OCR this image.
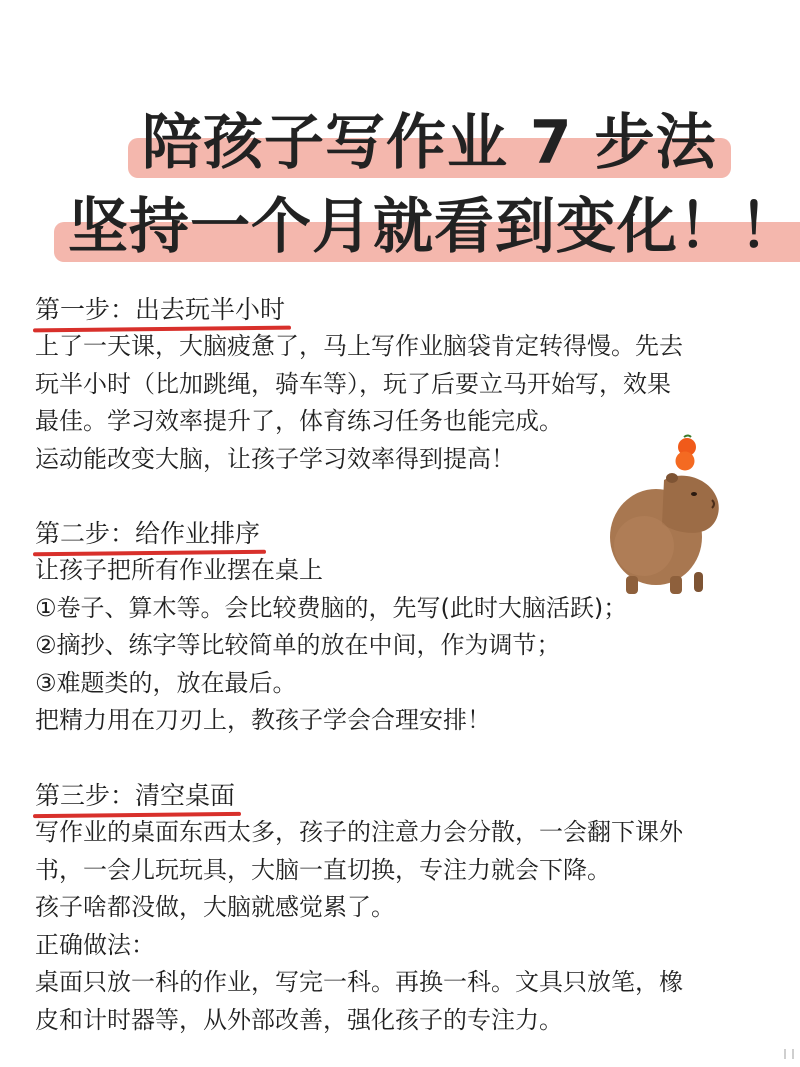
陪孩子写作业 7 步法
坚持一个月就看到变化！！
第一步：出去玩半小时

上了一天课，大脑疲惫了，马上写作业脑袋肯定转得慢。先去

玩半小时（比加跳绳，骑车等），玩了后要立马开始写，效果

最佳。学习效率提升了，体育练习任务也能完成。

运动能改变大脑，让孩子学习效率得到提高！

第二步：给作业排序

让孩子把所有作业摆在桌上

①卷子、算木等。会比较费脑的，先写(此时大脑活跃)；

②摘抄、练字等比较简单的放在中间，作为调节；

③难题类的，放在最后。

把精力用在刀刃上，教孩子学会合理安排！

第三步：清空桌面

写作业的桌面东西太多，孩子的注意力会分散，一会翻下课外

书，一会儿玩玩具，大脑一直切换，专注力就会下降。

孩子啥都没做，大脑就感觉累了。

正确做法：

桌面只放一科的作业，写完一科。再换一科。文具只放笔，橡

皮和计时器等，从外部改善，强化孩子的专注力。
